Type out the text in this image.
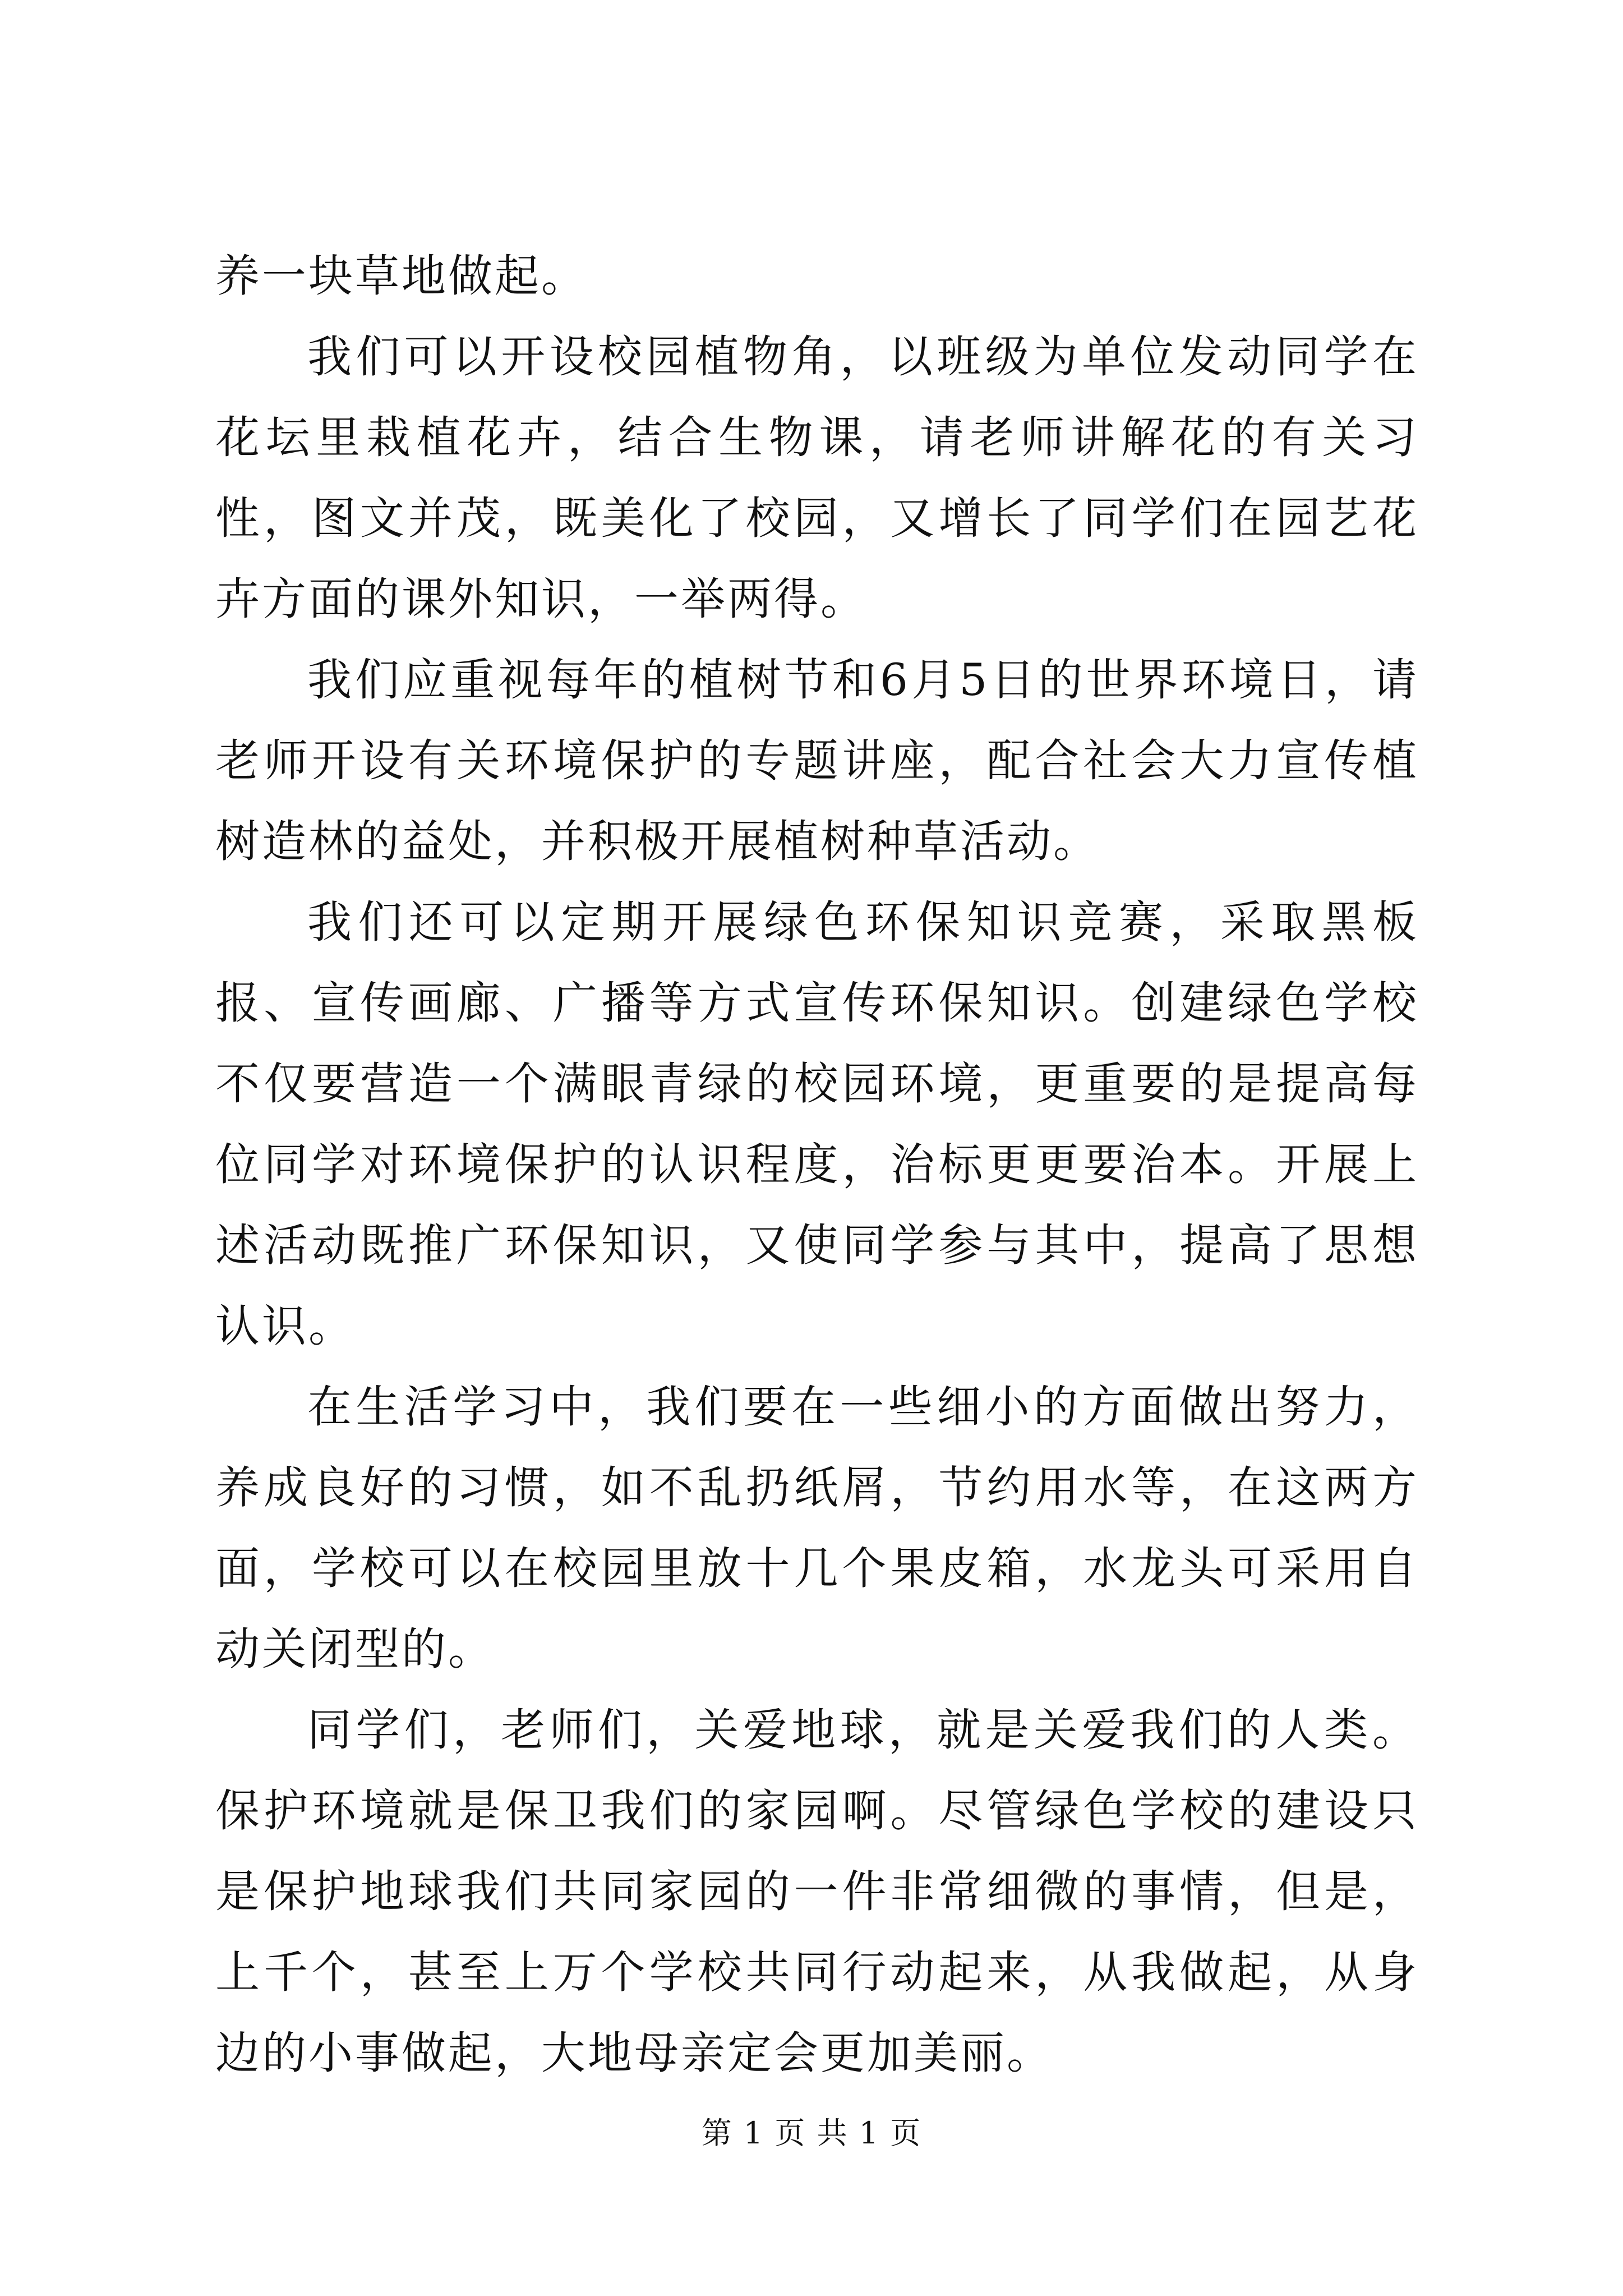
养一块草地做起。

我们可以开设校园植物角，以班级为单位发动同学在花坛里栽植花卉，结合生物课，请老师讲解花的有关习性，图文并茂，既美化了校园，又增长了同学们在园艺花卉方面的课外知识，一举两得。

我们应重视每年的植树节和6月5日的世界环境日，请老师开设有关环境保护的专题讲座，配合社会大力宣传植树造林的益处，并积极开展植树种草活动。

我们还可以定期开展绿色环保知识竞赛，采取黑板报、宣传画廊、广播等方式宣传环保知识。创建绿色学校不仅要营造一个满眼青绿的校园环境，更重要的是提高每位同学对环境保护的认识程度，治标更更要治本。开展上述活动既推广环保知识，又使同学参与其中，提高了思想认识。

在生活学习中，我们要在一些细小的方面做出努力，养成良好的习惯，如不乱扔纸屑，节约用水等，在这两方面，学校可以在校园里放十几个果皮箱，水龙头可采用自动关闭型的。

同学们，老师们，关爱地球，就是关爱我们的人类。保护环境就是保卫我们的家园啊。尽管绿色学校的建设只是保护地球我们共同家园的一件非常细微的事情，但是，上千个，甚至上万个学校共同行动起来，从我做起，从身边的小事做起，大地母亲定会更加美丽。

第 1 页 共 1 页
